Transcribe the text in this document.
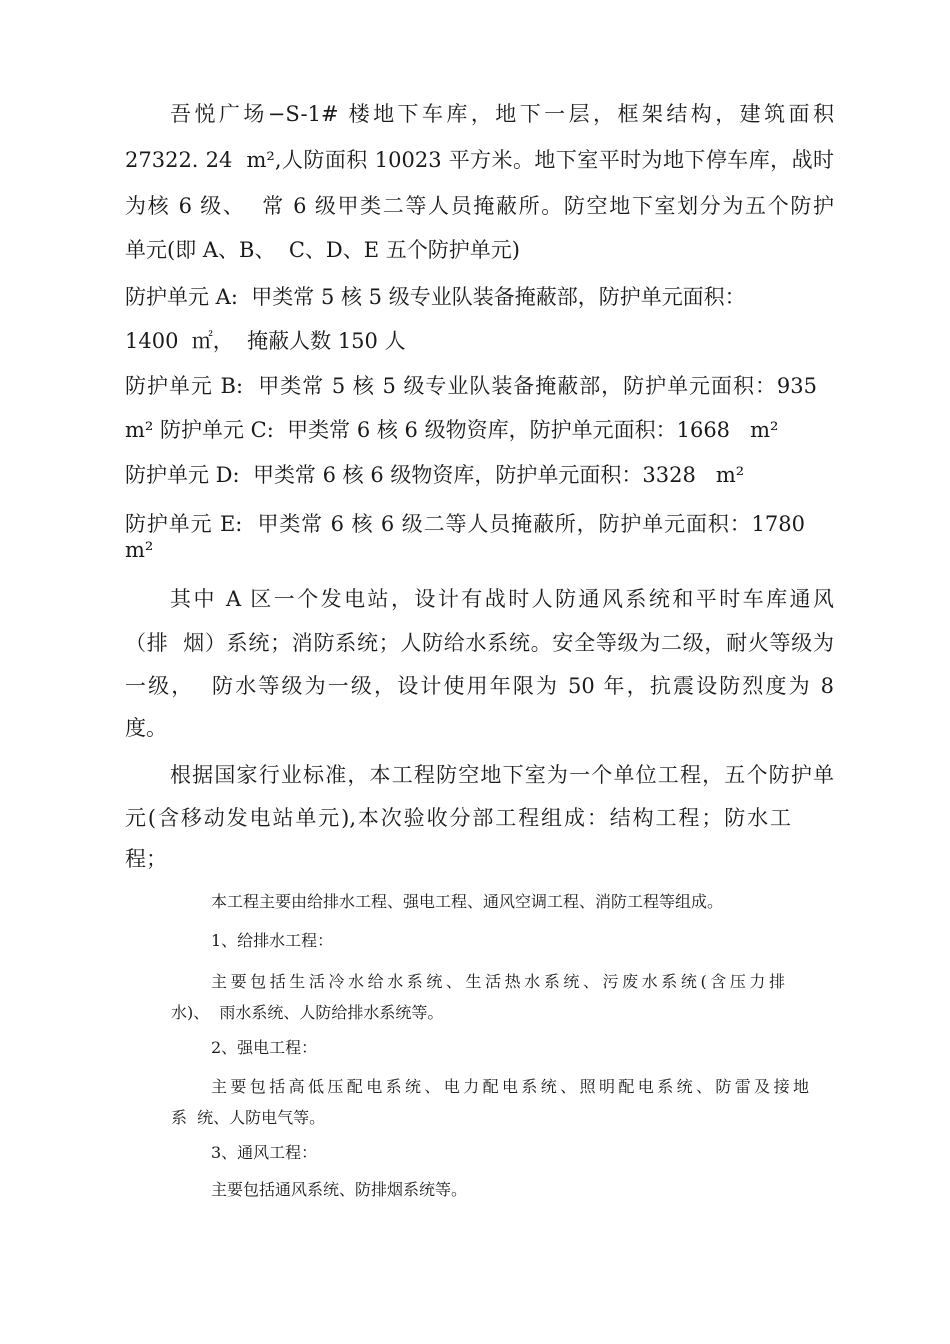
吾悦广场−S-1# 楼地下车库，地下一层，框架结构，建筑面积
27322. 24  m²,人防面积 10023 平方米。地下室平时为地下停车库，战时
为核 6 级、  常 6 级甲类二等人员掩蔽所。防空地下室划分为五个防护
单元(即 A、B、  C、D、E 五个防护单元)
防护单元 A:  甲类常 5 核 5 级专业队装备掩蔽部，防护单元面积：
1400  ㎡，  掩蔽人数 150 人
防护单元 B:  甲类常 5 核 5 级专业队装备掩蔽部，防护单元面积：935
m² 防护单元 C:  甲类常 6 核 6 级物资库，防护单元面积：1668   m²
防护单元 D:  甲类常 6 核 6 级物资库，防护单元面积：3328   m²
防护单元 E:  甲类常 6 核 6 级二等人员掩蔽所，防护单元面积：1780
m²
其中 A 区一个发电站，设计有战时人防通风系统和平时车库通风
（排  烟）系统；消防系统；人防给水系统。安全等级为二级，耐火等级为
一级，  防水等级为一级，设计使用年限为 50 年，抗震设防烈度为 8
度。
根据国家行业标准，本工程防空地下室为一个单位工程，五个防护单
元(含移动发电站单元),本次验收分部工程组成：结构工程；防水工
程；
本工程主要由给排水工程、强电工程、通风空调工程、消防工程等组成。
1、给排水工程：
主要包括生活冷水给水系统、生活热水系统、污废水系统(含压力排
水)、  雨水系统、人防给排水系统等。
2、强电工程：
主要包括高低压配电系统、电力配电系统、照明配电系统、防雷及接地
系  统、人防电气等。
3、通风工程：
主要包括通风系统、防排烟系统等。
